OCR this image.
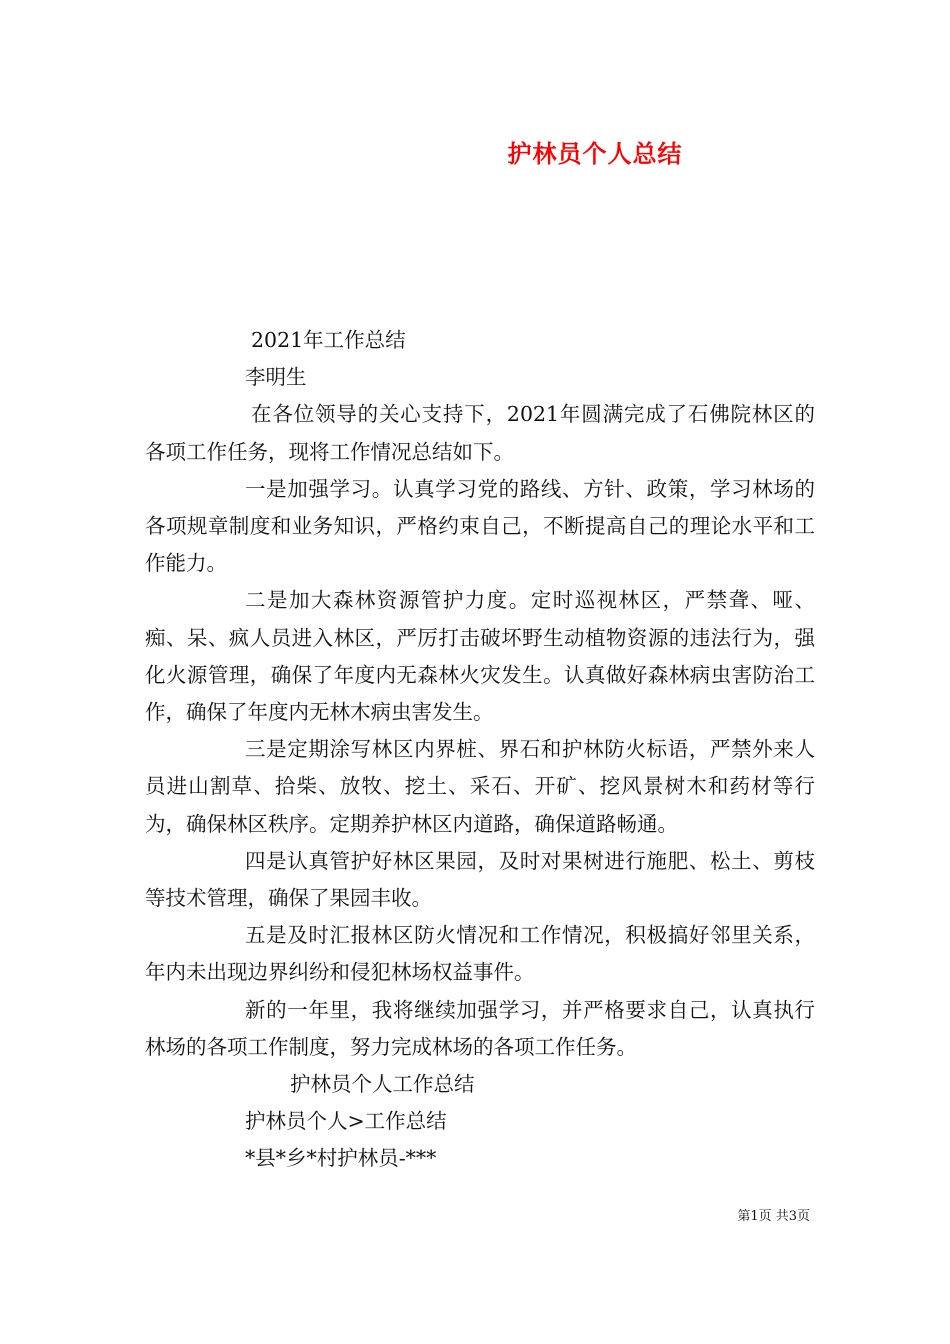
护林员个人总结
2021年工作总结
李明生
在各位领导的关心支持下，2021年圆满完成了石佛院林区的各项工作任务，现将工作情况总结如下。
一是加强学习。认真学习党的路线、方针、政策，学习林场的各项规章制度和业务知识，严格约束自己，不断提高自己的理论水平和工作能力。
二是加大森林资源管护力度。定时巡视林区，严禁聋、哑、痴、呆、疯人员进入林区，严厉打击破坏野生动植物资源的违法行为，强化火源管理，确保了年度内无森林火灾发生。认真做好森林病虫害防治工作，确保了年度内无林木病虫害发生。
三是定期涂写林区内界桩、界石和护林防火标语，严禁外来人员进山割草、拾柴、放牧、挖土、采石、开矿、挖风景树木和药材等行为，确保林区秩序。定期养护林区内道路，确保道路畅通。
四是认真管护好林区果园，及时对果树进行施肥、松土、剪枝等技术管理，确保了果园丰收。
五是及时汇报林区防火情况和工作情况，积极搞好邻里关系，年内未出现边界纠纷和侵犯林场权益事件。
新的一年里，我将继续加强学习，并严格要求自己，认真执行林场的各项工作制度，努力完成林场的各项工作任务。
护林员个人工作总结
护林员个人>工作总结
*县*乡*村护林员-***
第1页 共3页
